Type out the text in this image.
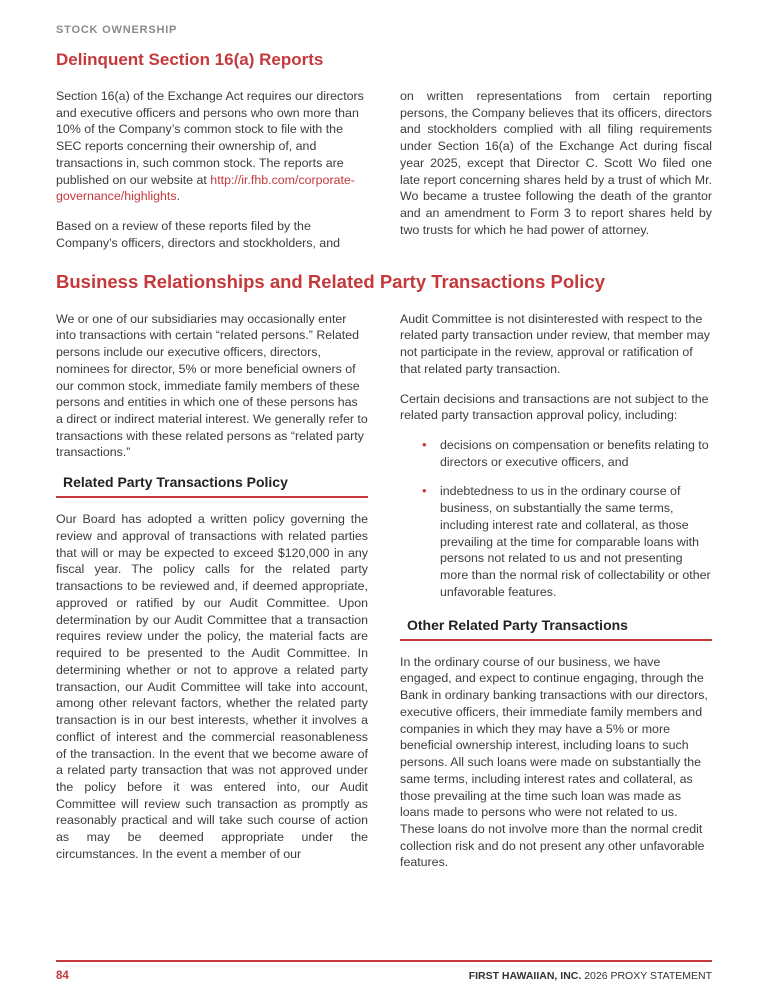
STOCK OWNERSHIP

Delinquent Section 16(a) Reports

Section 16(a) of the Exchange Act requires our directors and executive officers and persons who own more than 10% of the Company’s common stock to file with the SEC reports concerning their ownership of, and transactions in, such common stock. The reports are published on our website at http://ir.fhb.com/corporate-governance/highlights.

Based on a review of these reports filed by the Company’s officers, directors and stockholders, and

on written representations from certain reporting persons, the Company believes that its officers, directors and stockholders complied with all filing requirements under Section 16(a) of the Exchange Act during fiscal year 2025, except that Director C. Scott Wo filed one late report concerning shares held by a trust of which Mr. Wo became a trustee following the death of the grantor and an amendment to Form 3 to report shares held by two trusts for which he had power of attorney.

Business Relationships and Related Party Transactions Policy

We or one of our subsidiaries may occasionally enter into transactions with certain “related persons.” Related persons include our executive officers, directors, nominees for director, 5% or more beneficial owners of our common stock, immediate family members of these persons and entities in which one of these persons has a direct or indirect material interest. We generally refer to transactions with these related persons as “related party transactions.”

Related Party Transactions Policy

Our Board has adopted a written policy governing the review and approval of transactions with related parties that will or may be expected to exceed $120,000 in any fiscal year. The policy calls for the related party transactions to be reviewed and, if deemed appropriate, approved or ratified by our Audit Committee. Upon determination by our Audit Committee that a transaction requires review under the policy, the material facts are required to be presented to the Audit Committee. In determining whether or not to approve a related party transaction, our Audit Committee will take into account, among other relevant factors, whether the related party transaction is in our best interests, whether it involves a conflict of interest and the commercial reasonableness of the transaction. In the event that we become aware of a related party transaction that was not approved under the policy before it was entered into, our Audit Committee will review such transaction as promptly as reasonably practical and will take such course of action as may be deemed appropriate under the circumstances. In the event a member of our

Audit Committee is not disinterested with respect to the related party transaction under review, that member may not participate in the review, approval or ratification of that related party transaction.

Certain decisions and transactions are not subject to the related party transaction approval policy, including:

• decisions on compensation or benefits relating to directors or executive officers, and
• indebtedness to us in the ordinary course of business, on substantially the same terms, including interest rate and collateral, as those prevailing at the time for comparable loans with persons not related to us and not presenting more than the normal risk of collectability or other unfavorable features.
Other Related Party Transactions

In the ordinary course of our business, we have engaged, and expect to continue engaging, through the Bank in ordinary banking transactions with our directors, executive officers, their immediate family members and companies in which they may have a 5% or more beneficial ownership interest, including loans to such persons. All such loans were made on substantially the same terms, including interest rates and collateral, as those prevailing at the time such loan was made as loans made to persons who were not related to us. These loans do not involve more than the normal credit collection risk and do not present any other unfavorable features.

84	FIRST HAWAIIAN, INC. 2026 PROXY STATEMENT
